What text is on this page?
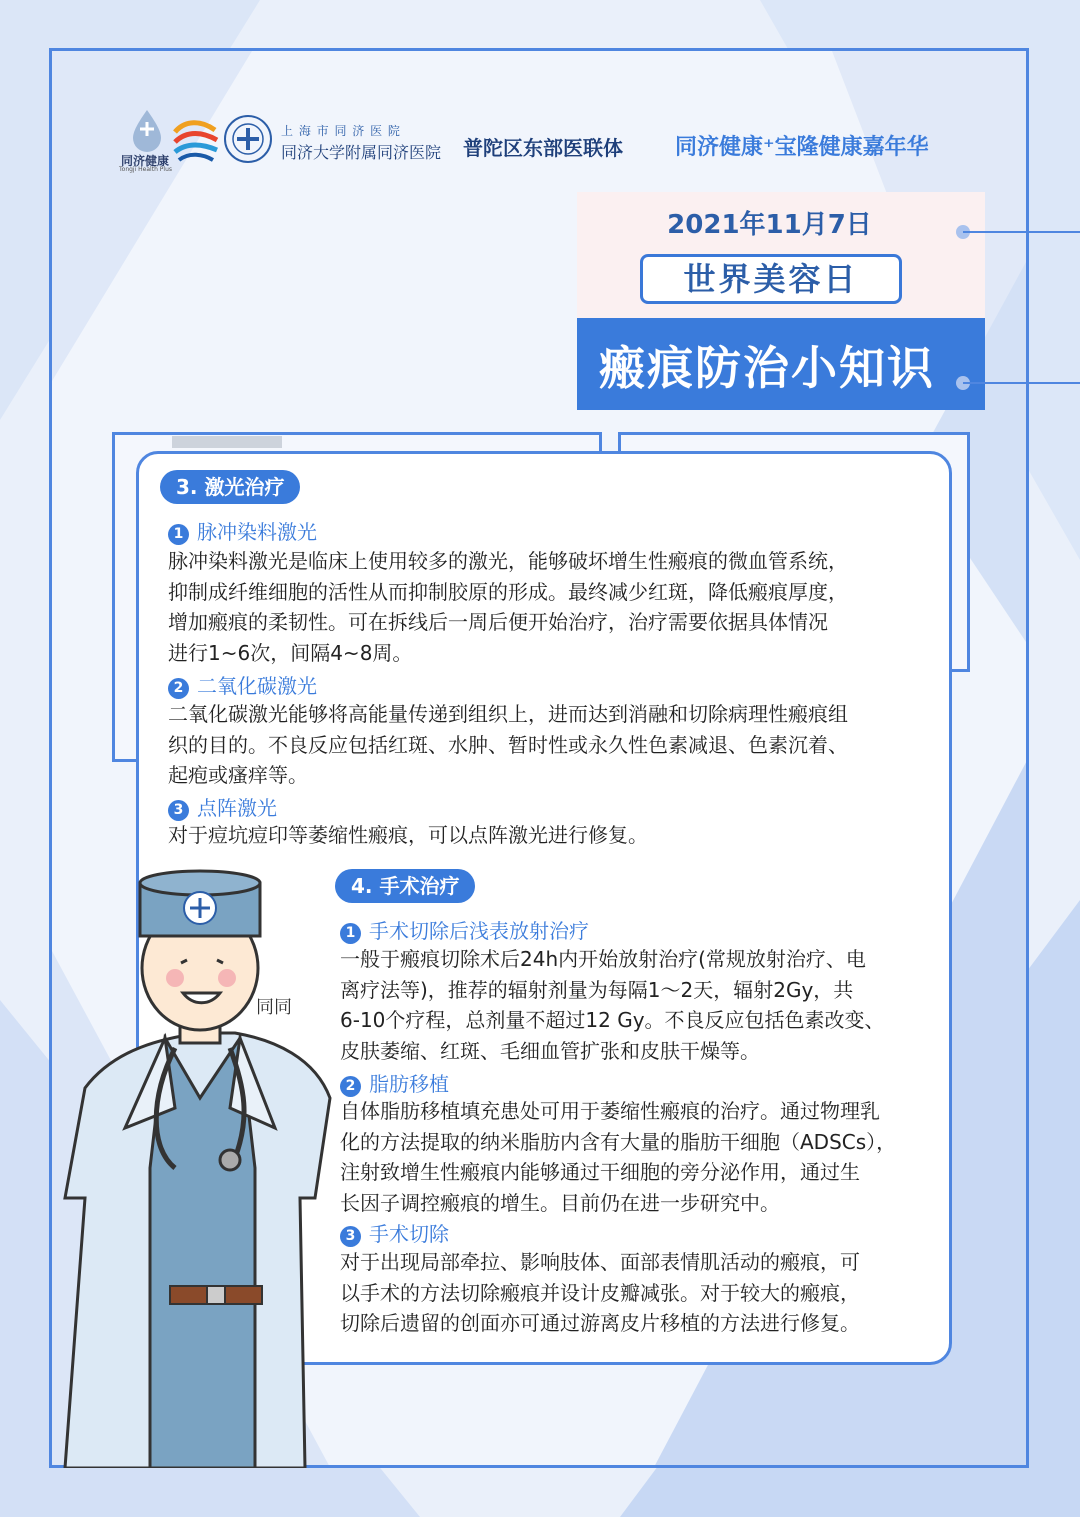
同济健康
Tongji Health Plus
上 海 市 同 济 医 院
同济大学附属同济医院 普陀区东部医联体 同济健康⁺宝隆健康嘉年华
2021年11月7日
世界美容日
瘢痕防治小知识
3. 激光治疗
1 脉冲染料激光
脉冲染料激光是临床上使用较多的激光，能够破坏增生性瘢痕的微血管系统，
抑制成纤维细胞的活性从而抑制胶原的形成。最终减少红斑，降低瘢痕厚度，
增加瘢痕的柔韧性。可在拆线后一周后便开始治疗，治疗需要依据具体情况
进行1~6次，间隔4~8周。
2 二氧化碳激光
二氧化碳激光能够将高能量传递到组织上，进而达到消融和切除病理性瘢痕组
织的目的。不良反应包括红斑、水肿、暂时性或永久性色素减退、色素沉着、
起疱或瘙痒等。
3 点阵激光
对于痘坑痘印等萎缩性瘢痕，可以点阵激光进行修复。
4. 手术治疗
1 手术切除后浅表放射治疗
一般于瘢痕切除术后24h内开始放射治疗(常规放射治疗、电
离疗法等)，推荐的辐射剂量为每隔1～2天，辐射2Gy，共
6-10个疗程，总剂量不超过12 Gy。不良反应包括色素改变、
皮肤萎缩、红斑、毛细血管扩张和皮肤干燥等。
2 脂肪移植
自体脂肪移植填充患处可用于萎缩性瘢痕的治疗。通过物理乳
化的方法提取的纳米脂肪内含有大量的脂肪干细胞（ADSCs），
注射致增生性瘢痕内能够通过干细胞的旁分泌作用，通过生
长因子调控瘢痕的增生。目前仍在进一步研究中。
3 手术切除
对于出现局部牵拉、影响肢体、面部表情肌活动的瘢痕，可
以手术的方法切除瘢痕并设计皮瓣减张。对于较大的瘢痕，
切除后遗留的创面亦可通过游离皮片移植的方法进行修复。
同同
